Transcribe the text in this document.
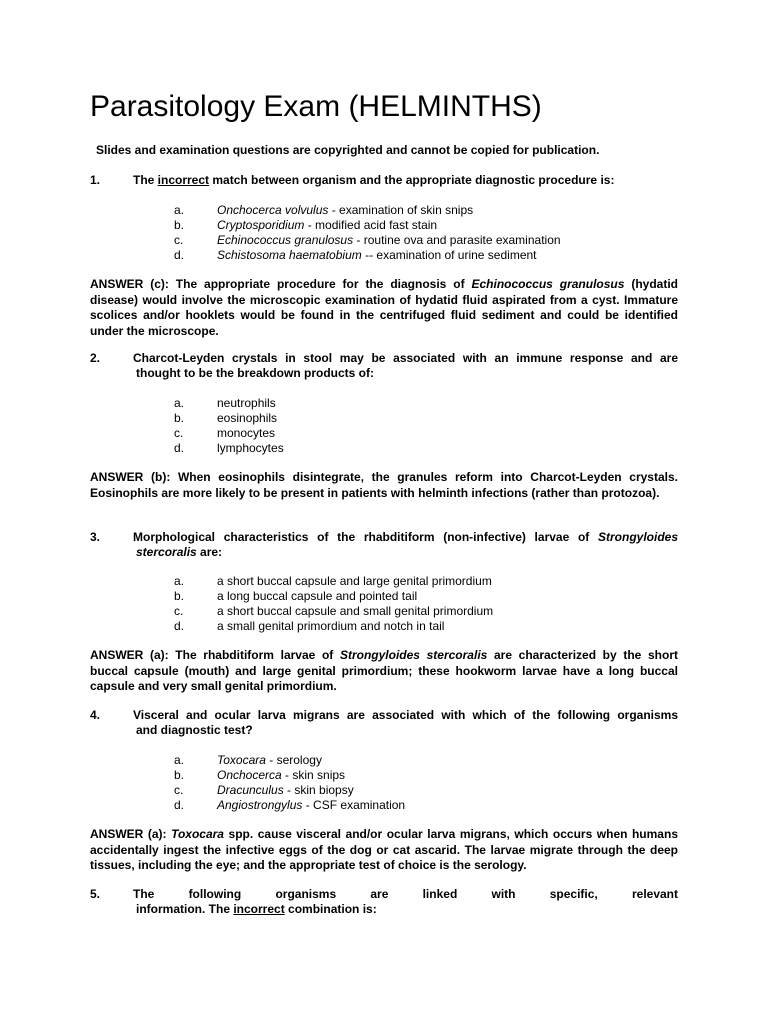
Parasitology Exam (HELMINTHS)
Slides and examination questions are copyrighted and cannot be copied for publication.
1.	The incorrect match between organism and the appropriate diagnostic procedure is:
a.	Onchocerca volvulus - examination of skin snips
b.	Cryptosporidium - modified acid fast stain
c.	Echinococcus granulosus - routine ova and parasite examination
d.	Schistosoma haematobium -- examination of urine sediment
ANSWER (c): The appropriate procedure for the diagnosis of Echinococcus granulosus (hydatid disease) would involve the microscopic examination of hydatid fluid aspirated from a cyst. Immature scolices and/or hooklets would be found in the centrifuged fluid sediment and could be identified under the microscope.
2.	Charcot-Leyden crystals in stool may be associated with an immune response and are
thought to be the breakdown products of:
a.	neutrophils
b.	eosinophils
c.	monocytes
d.	lymphocytes
ANSWER (b): When eosinophils disintegrate, the granules reform into Charcot-Leyden crystals. Eosinophils are more likely to be present in patients with helminth infections (rather than protozoa).
3.	Morphological characteristics of the rhabditiform (non-infective) larvae of Strongyloides
stercoralis are:
a.	a short buccal capsule and large genital primordium
b.	a long buccal capsule and pointed tail
c.	a short buccal capsule and small genital primordium
d.	a small genital primordium and notch in tail
ANSWER (a): The rhabditiform larvae of Strongyloides stercoralis are characterized by the short buccal capsule (mouth) and large genital primordium; these hookworm larvae have a long buccal capsule and very small genital primordium.
4.	Visceral and ocular larva migrans are associated with which of the following organisms
and diagnostic test?
a.	Toxocara - serology
b.	Onchocerca - skin snips
c.	Dracunculus - skin biopsy
d.	Angiostrongylus - CSF examination
ANSWER (a): Toxocara spp. cause visceral and/or ocular larva migrans, which occurs when humans accidentally ingest the infective eggs of the dog or cat ascarid. The larvae migrate through the deep tissues, including the eye; and the appropriate test of choice is the serology.
5.	The	following	organisms	are	linked	with	specific,	relevant
information. The incorrect combination is:
